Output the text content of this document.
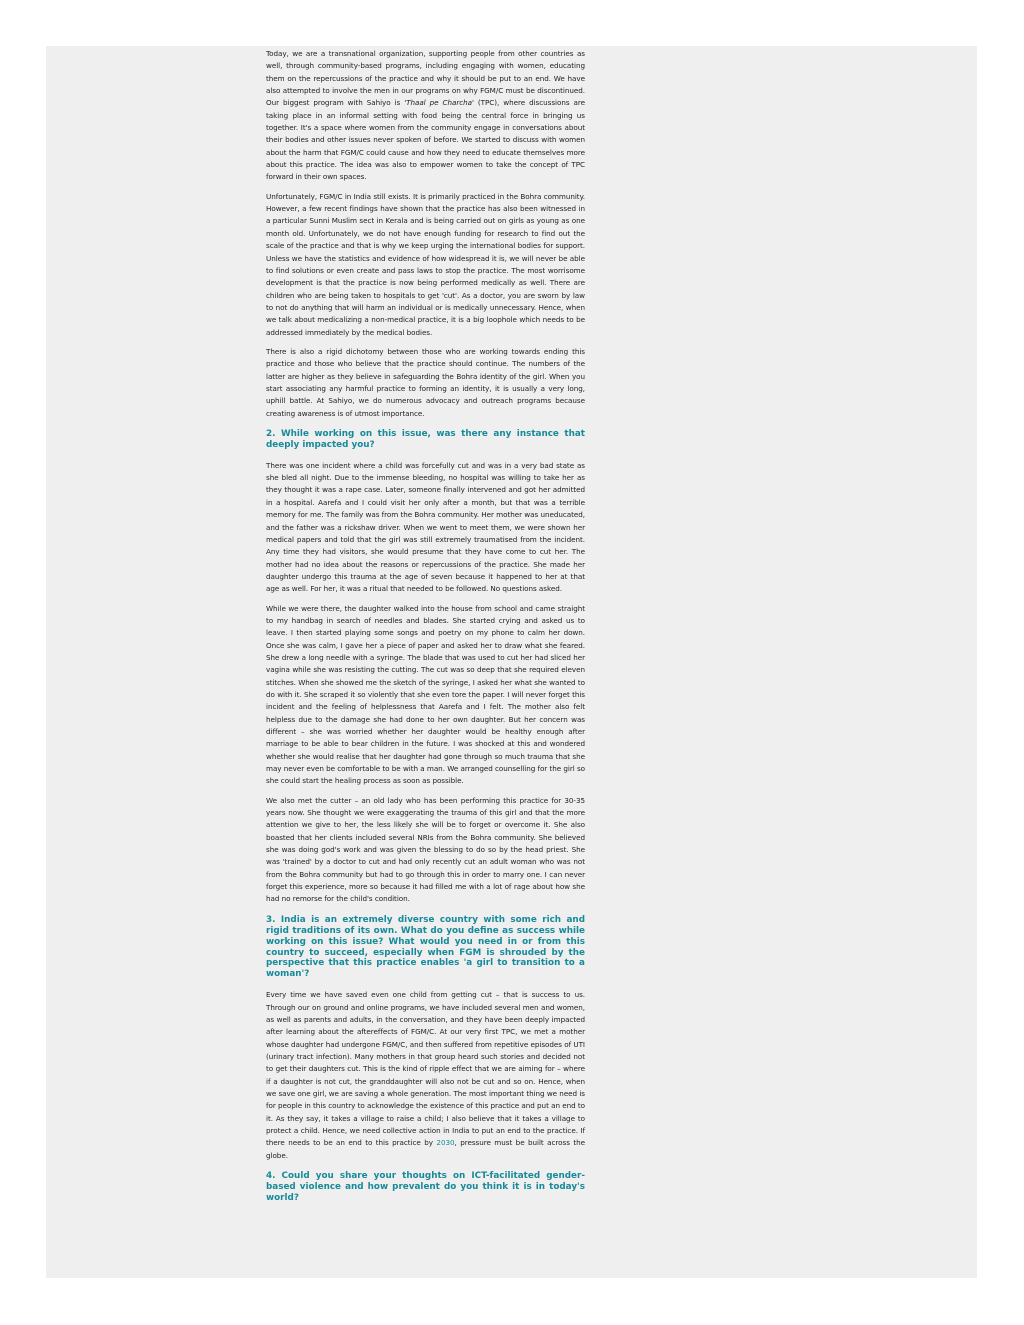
Today, we are a transnational organization, supporting people from other countries as well, through community-based programs, including engaging with women, educating them on the repercussions of the practice and why it should be put to an end. We have also attempted to involve the men in our programs on why FGM/C must be discontinued. Our biggest program with Sahiyo is 'Thaal pe Charcha' (TPC), where discussions are taking place in an informal setting with food being the central force in bringing us together. It's a space where women from the community engage in conversations about their bodies and other issues never spoken of before. We started to discuss with women about the harm that FGM/C could cause and how they need to educate themselves more about this practice. The idea was also to empower women to take the concept of TPC forward in their own spaces.

Unfortunately, FGM/C in India still exists. It is primarily practiced in the Bohra community. However, a few recent findings have shown that the practice has also been witnessed in a particular Sunni Muslim sect in Kerala and is being carried out on girls as young as one month old. Unfortunately, we do not have enough funding for research to find out the scale of the practice and that is why we keep urging the international bodies for support. Unless we have the statistics and evidence of how widespread it is, we will never be able to find solutions or even create and pass laws to stop the practice. The most worrisome development is that the practice is now being performed medically as well. There are children who are being taken to hospitals to get 'cut'. As a doctor, you are sworn by law to not do anything that will harm an individual or is medically unnecessary. Hence, when we talk about medicalizing a non-medical practice, it is a big loophole which needs to be addressed immediately by the medical bodies.

There is also a rigid dichotomy between those who are working towards ending this practice and those who believe that the practice should continue. The numbers of the latter are higher as they believe in safeguarding the Bohra identity of the girl. When you start associating any harmful practice to forming an identity, it is usually a very long, uphill battle. At Sahiyo, we do numerous advocacy and outreach programs because creating awareness is of utmost importance.

2. While working on this issue, was there any instance that deeply impacted you?

There was one incident where a child was forcefully cut and was in a very bad state as she bled all night. Due to the immense bleeding, no hospital was willing to take her as they thought it was a rape case. Later, someone finally intervened and got her admitted in a hospital. Aarefa and I could visit her only after a month, but that was a terrible memory for me. The family was from the Bohra community. Her mother was uneducated, and the father was a rickshaw driver. When we went to meet them, we were shown her medical papers and told that the girl was still extremely traumatised from the incident. Any time they had visitors, she would presume that they have come to cut her. The mother had no idea about the reasons or repercussions of the practice. She made her daughter undergo this trauma at the age of seven because it happened to her at that age as well. For her, it was a ritual that needed to be followed. No questions asked.

While we were there, the daughter walked into the house from school and came straight to my handbag in search of needles and blades. She started crying and asked us to leave. I then started playing some songs and poetry on my phone to calm her down. Once she was calm, I gave her a piece of paper and asked her to draw what she feared. She drew a long needle with a syringe. The blade that was used to cut her had sliced her vagina while she was resisting the cutting. The cut was so deep that she required eleven stitches. When she showed me the sketch of the syringe, I asked her what she wanted to do with it. She scraped it so violently that she even tore the paper. I will never forget this incident and the feeling of helplessness that Aarefa and I felt. The mother also felt helpless due to the damage she had done to her own daughter. But her concern was different – she was worried whether her daughter would be healthy enough after marriage to be able to bear children in the future. I was shocked at this and wondered whether she would realise that her daughter had gone through so much trauma that she may never even be comfortable to be with a man. We arranged counselling for the girl so she could start the healing process as soon as possible.

We also met the cutter – an old lady who has been performing this practice for 30-35 years now. She thought we were exaggerating the trauma of this girl and that the more attention we give to her, the less likely she will be to forget or overcome it. She also boasted that her clients included several NRIs from the Bohra community. She believed she was doing god's work and was given the blessing to do so by the head priest. She was 'trained' by a doctor to cut and had only recently cut an adult woman who was not from the Bohra community but had to go through this in order to marry one. I can never forget this experience, more so because it had filled me with a lot of rage about how she had no remorse for the child's condition.

3. India is an extremely diverse country with some rich and rigid traditions of its own. What do you define as success while working on this issue? What would you need in or from this country to succeed, especially when FGM is shrouded by the perspective that this practice enables 'a girl to transition to a woman'?

Every time we have saved even one child from getting cut – that is success to us. Through our on ground and online programs, we have included several men and women, as well as parents and adults, in the conversation, and they have been deeply impacted after learning about the aftereffects of FGM/C. At our very first TPC, we met a mother whose daughter had undergone FGM/C, and then suffered from repetitive episodes of UTI (urinary tract infection). Many mothers in that group heard such stories and decided not to get their daughters cut. This is the kind of ripple effect that we are aiming for – where if a daughter is not cut, the granddaughter will also not be cut and so on. Hence, when we save one girl, we are saving a whole generation. The most important thing we need is for people in this country to acknowledge the existence of this practice and put an end to it. As they say, it takes a village to raise a child; I also believe that it takes a village to protect a child. Hence, we need collective action in India to put an end to the practice. If there needs to be an end to this practice by 2030, pressure must be built across the globe.

4. Could you share your thoughts on ICT-facilitated gender-based violence and how prevalent do you think it is in today's world?
